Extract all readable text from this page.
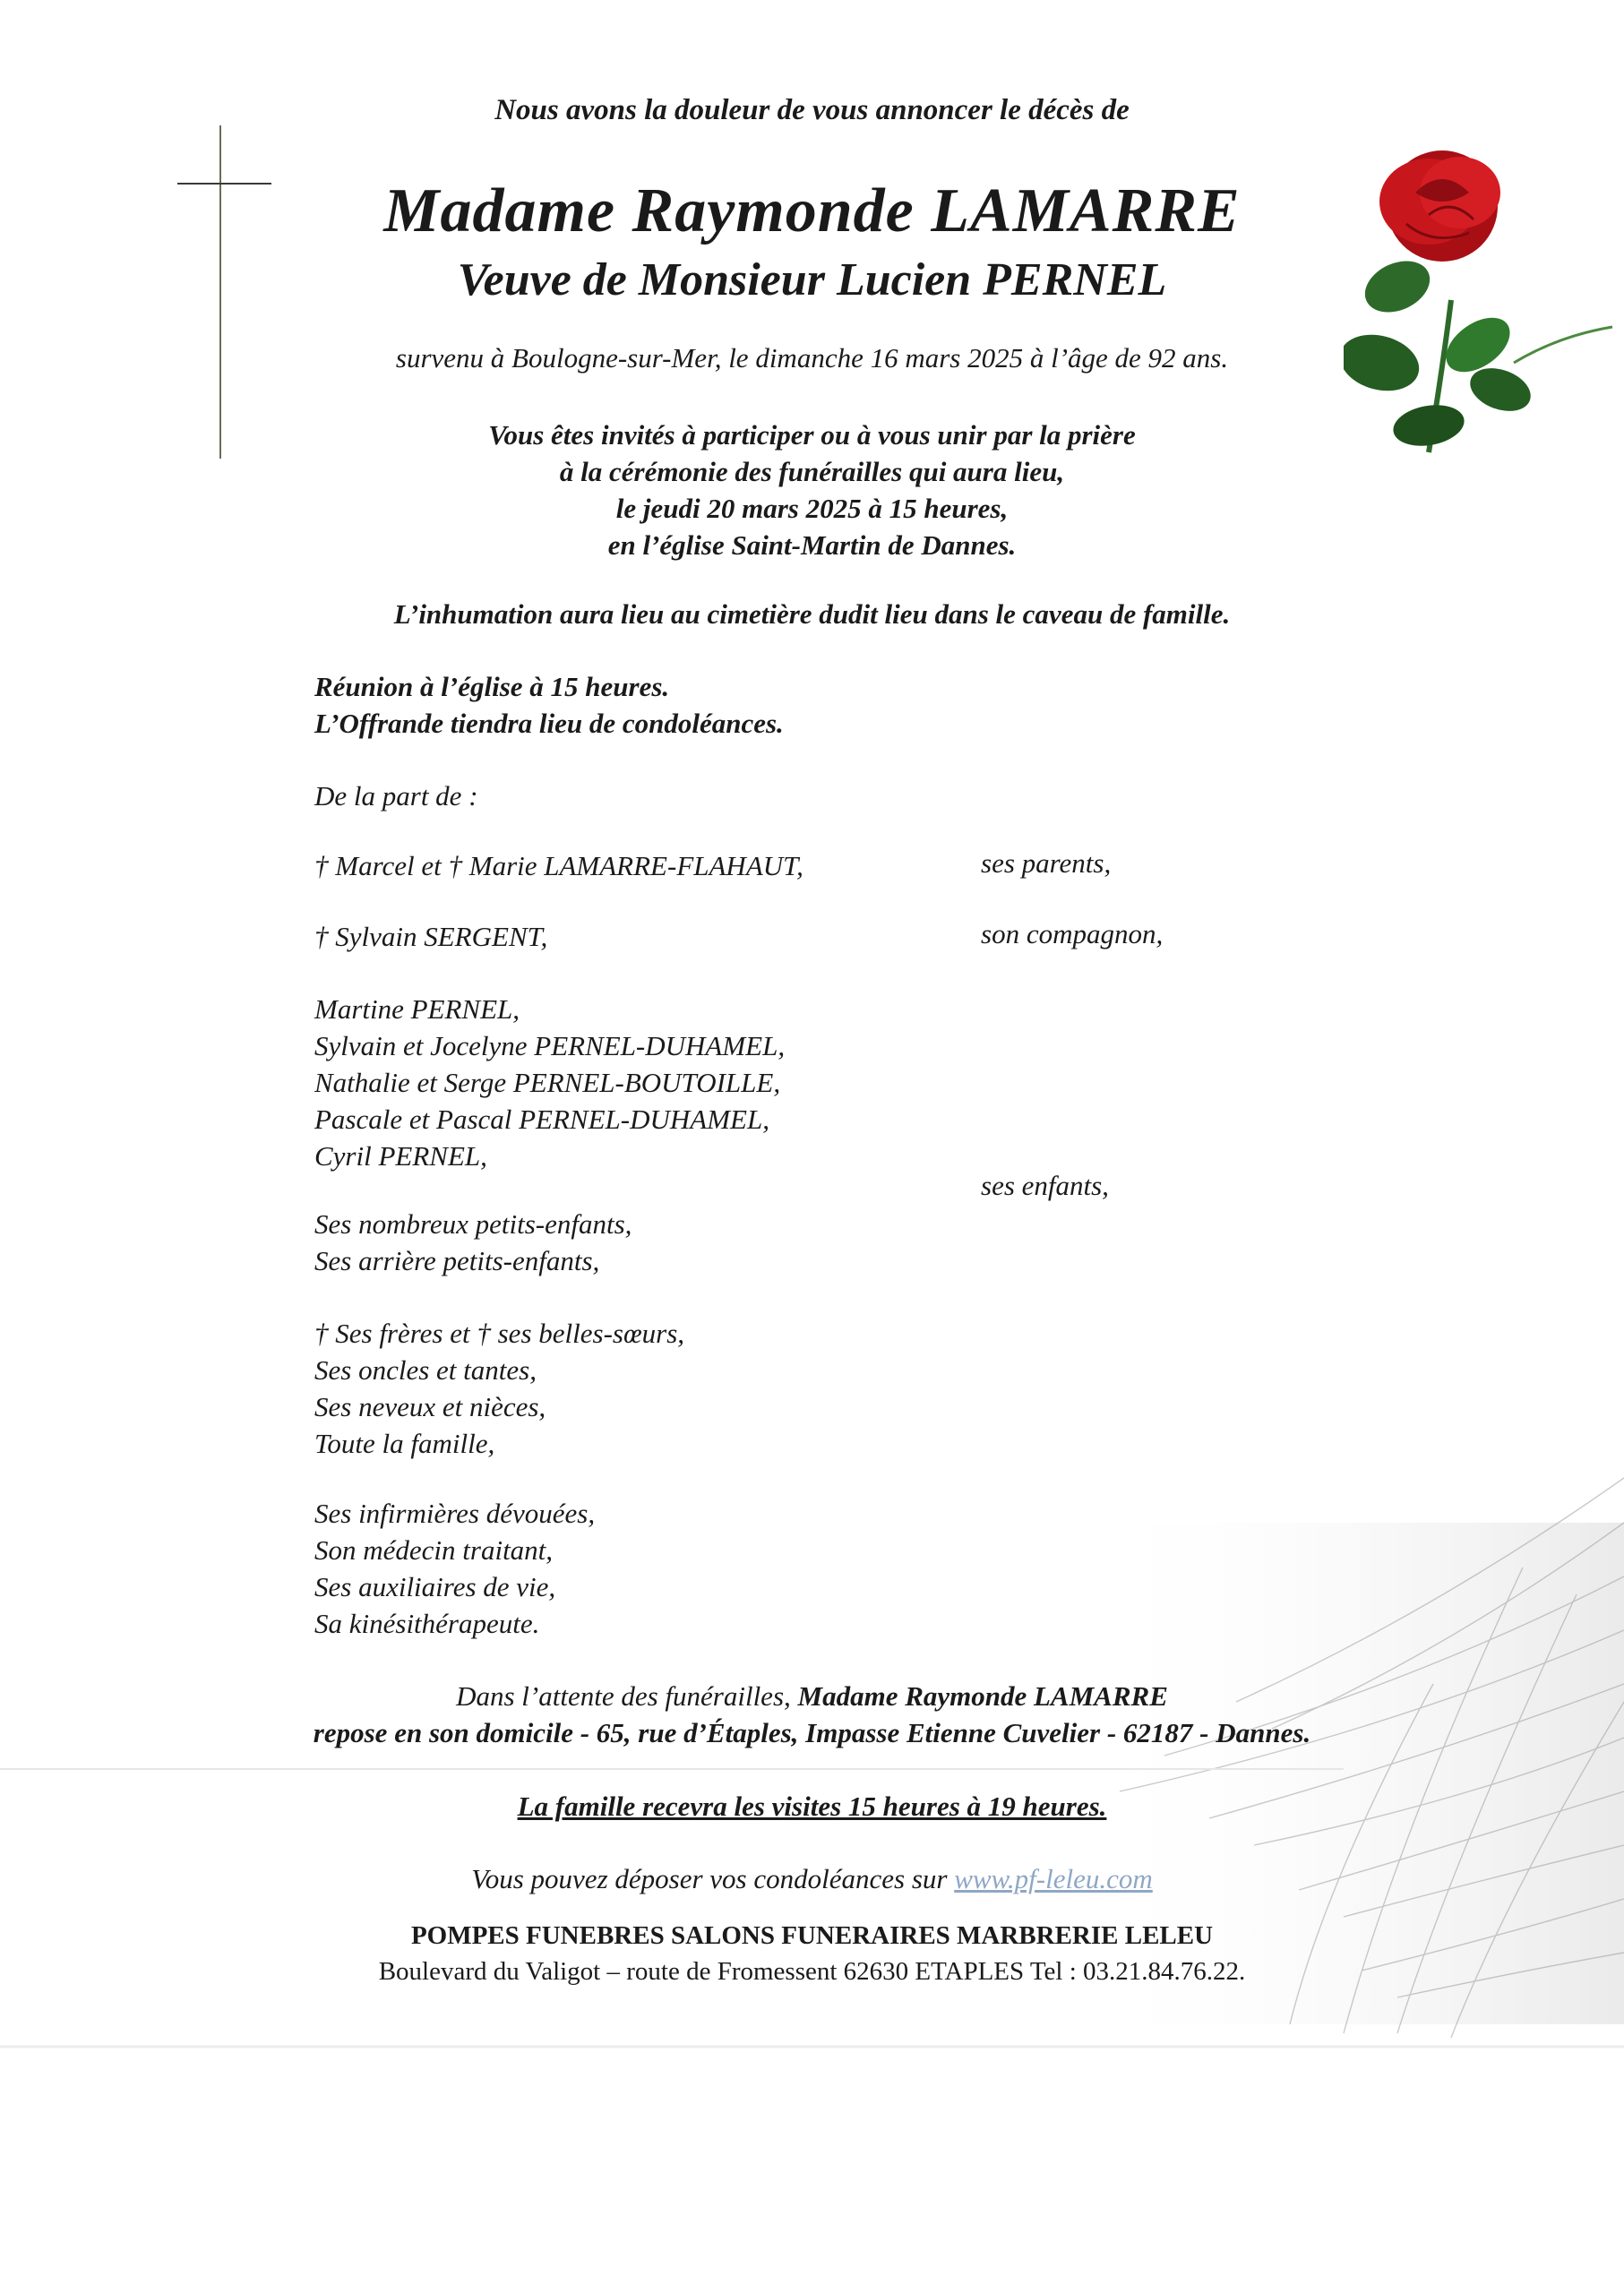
Nous avons la douleur de vous annoncer le décès de
Madame Raymonde LAMARRE
Veuve de Monsieur Lucien PERNEL
survenu à Boulogne-sur-Mer, le dimanche 16 mars 2025 à l’âge de 92 ans.
Vous êtes invités à participer ou à vous unir par la prière
à la cérémonie des funérailles qui aura lieu,
le jeudi 20 mars 2025 à 15 heures,
en l’église Saint-Martin de Dannes.
L’inhumation aura lieu au cimetière dudit lieu dans le caveau de famille.
Réunion à l’église à 15 heures.
L’Offrande tiendra lieu de condoléances.
De la part de :
† Marcel et † Marie LAMARRE-FLAHAUT,	ses parents,
† Sylvain SERGENT,	son compagnon,
Martine PERNEL,
Sylvain et Jocelyne PERNEL-DUHAMEL,
Nathalie et Serge PERNEL-BOUTOILLE,
Pascale et Pascal PERNEL-DUHAMEL,
Cyril PERNEL,
ses enfants,
Ses nombreux petits-enfants,
Ses arrière petits-enfants,
† Ses frères et † ses belles-sœurs,
Ses oncles et tantes,
Ses neveux et nièces,
Toute la famille,
Ses infirmières dévouées,
Son médecin traitant,
Ses auxiliaires de vie,
Sa kinésithérapeute.
Dans l’attente des funérailles, Madame Raymonde LAMARRE
repose en son domicile - 65, rue d’Étaples, Impasse Etienne Cuvelier - 62187 - Dannes.
La famille recevra les visites 15 heures à 19 heures.
Vous pouvez déposer vos condoléances sur www.pf-leleu.com
POMPES FUNEBRES SALONS FUNERAIRES MARBRERIE LELEU
Boulevard du Valigot – route de Fromessent 62630 ETAPLES Tel : 03.21.84.76.22.
